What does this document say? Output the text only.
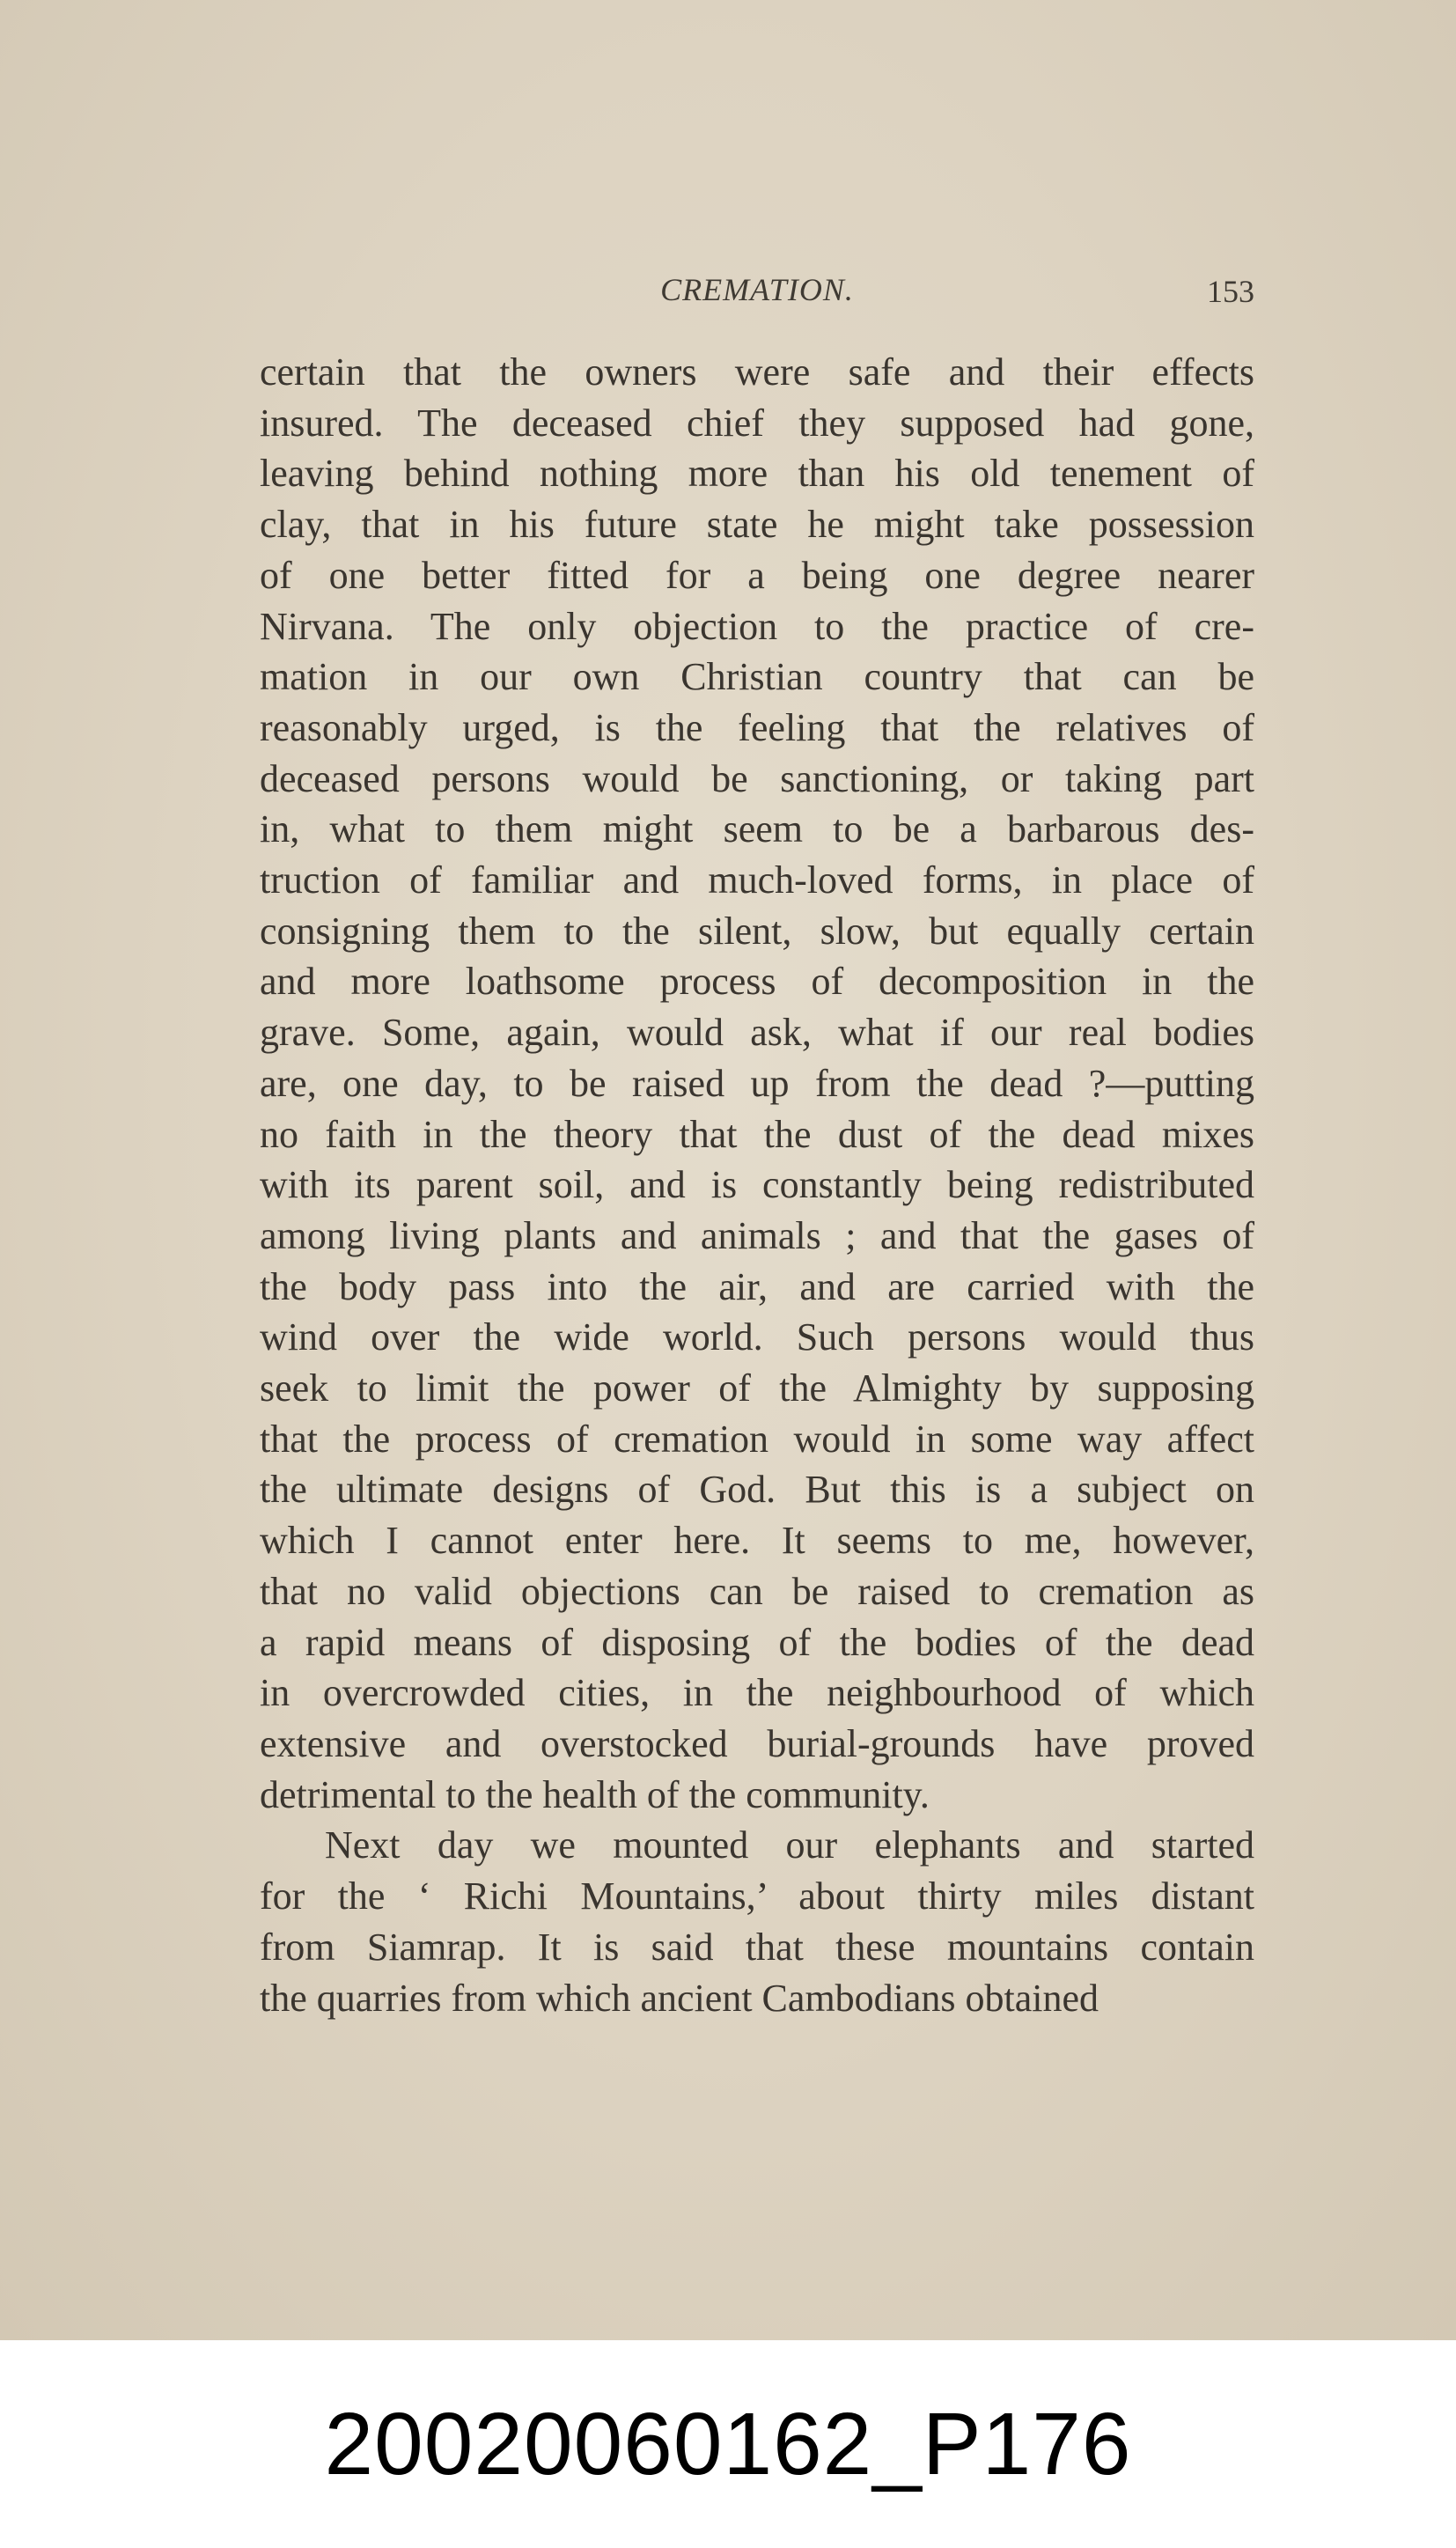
CREMATION.	153

certain that the owners were safe and their effects
insured. The deceased chief they supposed had gone,
leaving behind nothing more than his old tenement of
clay, that in his future state he might take possession
of one better fitted for a being one degree nearer
Nirvana. The only objection to the practice of cre-
mation in our own Christian country that can be
reasonably urged, is the feeling that the relatives of
deceased persons would be sanctioning, or taking part
in, what to them might seem to be a barbarous des-
truction of familiar and much-loved forms, in place of
consigning them to the silent, slow, but equally certain
and more loathsome process of decomposition in the
grave. Some, again, would ask, what if our real bodies
are, one day, to be raised up from the dead ?—putting
no faith in the theory that the dust of the dead mixes
with its parent soil, and is constantly being redistributed
among living plants and animals ; and that the gases of
the body pass into the air, and are carried with the
wind over the wide world. Such persons would thus
seek to limit the power of the Almighty by supposing
that the process of cremation would in some way affect
the ultimate designs of God. But this is a subject on
which I cannot enter here. It seems to me, however,
that no valid objections can be raised to cremation as
a rapid means of disposing of the bodies of the dead
in overcrowded cities, in the neighbourhood of which
extensive and overstocked burial-grounds have proved
detrimental to the health of the community.

Next day we mounted our elephants and started
for the ‘ Richi Mountains,’ about thirty miles distant
from Siamrap. It is said that these mountains contain
the quarries from which ancient Cambodians obtained

20020060162_P176
